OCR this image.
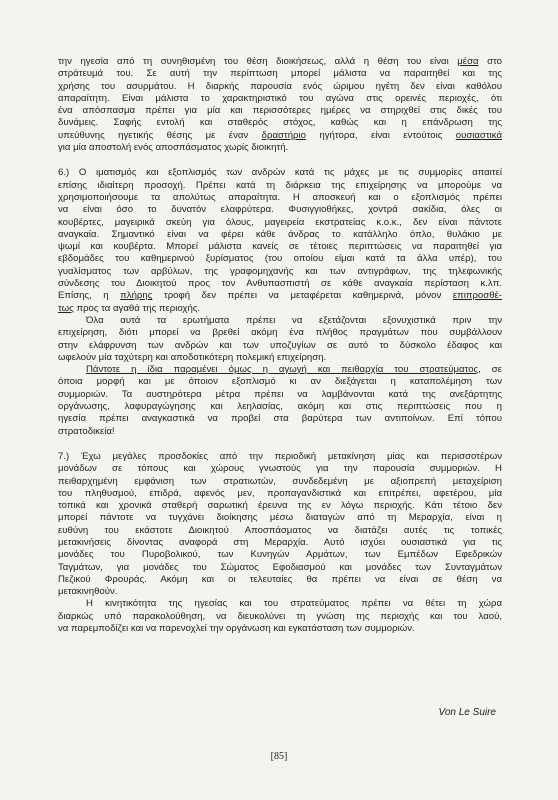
την ηγεσία από τη συνηθισμένη του θέση διοικήσεως, αλλά η θέση του είναι μέσα στο
στράτευμά του. Σε αυτή την περίπτωση μπορεί μάλιστα να παραιτηθεί και της
χρήσης του ασυρμάτου. Η διαρκής παρουσία ενός ώριμου ηγέτη δεν είναι καθόλου
απαραίτητη. Είναι μάλιστα το χαρακτηριστικό του αγώνα στις ορεινές περιοχές, ότι
ένα απόσπασμα πρέπει για μία και περισσότερες ημέρες να στηριχθεί στις δικές του
δυνάμεις. Σαφής εντολή και σταθερός στόχος, καθώς και η επάνδρωση της
υπεύθυνης ηγετικής θέσης με έναν δραστήριο ηγήτορα, είναι εντούτοις ουσιαστικά
για μία αποστολή ενός αποσπάσματος χωρίς διοικητή.
6.) Ο ιματισμός και εξοπλισμός των ανδρών κατά τις μάχες με τις συμμορίες απαιτεί
επίσης ιδιαίτερη προσοχή. Πρέπει κατά τη διάρκεια της επιχείρησης να μπορούμε να
χρησιμοποιήσουμε τα απολύτως απαραίτητα. Η αποσκευή και ο εξοπλισμός πρέπει
να είναι όσο το δυνατόν ελαφρύτερα. Φυσιγγιοθήκες, χοντρά σακίδια, όλες οι
κουβέρτες, μαγειρικά σκεύη για όλους, μαγειρεία εκστρατείας κ.ο.κ., δεν είναι πάντοτε
αναγκαία. Σημαντικό είναι να φέρει κάθε άνδρας το κατάλληλο όπλο, θυλάκιο με
ψωμί και κουβέρτα. Μπορεί μάλιστα κανείς σε τέτοιες περιπτώσεις να παραιτηθεί για
εβδομάδες του καθημερινού ξυρίσματος (του οποίου είμαι κατά τα άλλα υπέρ), του
γυαλίσματος των αρβύλων, της γραφομηχανής και των αντιγράφων, της τηλεφωνικής
σύνδεσης του Διοικητού προς τον Ανθυπασπιστή σε κάθε αναγκαία περίσταση κ.λπ.
Επίσης, η πλήρης τροφή δεν πρέπει να μεταφέρεται καθημερινά, μόνον επιπροσθέ-
τως προς τα αγαθά της περιοχής.
Όλα αυτά τα ερωτήματα πρέπει να εξετάζονται εξονυχιστικά πριν την
επιχείρηση, διότι μπορεί να βρεθεί ακόμη ένα πλήθος πραγμάτων που συμβάλλουν
στην ελάφρυνση των ανδρών και των υποζυγίων σε αυτό το δύσκολο έδαφος και
ωφελούν μία ταχύτερη και αποδοτικότερη πολεμική επιχείρηση.
Πάντοτε η ίδια παραμένει όμως η αγωγή και πειθαρχία του στρατεύματος, σε
όποια μορφή και με όποιον εξοπλισμό κι αν διεξάγεται η καταπολέμηση των
συμμοριών. Τα αυστηρότερα μέτρα πρέπει να λαμβάνονται κατά της ανεξάρτητης
οργάνωσης, λαφυραγώγησης και λεηλασίας, ακόμη και στις περιπτώσεις που η
ηγεσία πρέπει αναγκαστικά να προβεί στα βαρύτερα των αντιποίνων. Επί τόπου
στρατοδικεία!
7.) Έχω μεγάλες προσδοκίες από την περιοδική μετακίνηση μίας και περισσοτέρων
μονάδων σε τόπους και χώρους γνωστούς για την παρουσία συμμοριών. Η
πειθαρχημένη εμφάνιση των στρατιωτών, συνδεδεμένη με αξιοπρεπή μεταχείριση
του πληθυσμού, επιδρά, αφενός μεν, προπαγανδιστικά και επιτρέπει, αφετέρου, μία
τοπικά και χρονικά σταθερή σαρωτική έρευνα της εν λόγω περιοχής. Κάτι τέτοιο δεν
μπορεί πάντοτε να τυγχάνει διοίκησης μέσω διαταγών από τη Μεραρχία, είναι η
ευθύνη του εκάστοτε Διοικητού Αποσπάσματος να διατάζει αυτές τις τοπικές
μετακινήσεις δίνοντας αναφορά στη Μεραρχία. Αυτό ισχύει ουσιαστικά για τις
μονάδες του Πυροβολικού, των Κυνηγών Αρμάτων, των Εμπέδων Εφεδρικών
Ταγμάτων, για μονάδες του Σώματος Εφοδιασμού και μονάδες των Συνταγμάτων
Πεζικού Φρουράς. Ακόμη και οι τελευταίες θα πρέπει να είναι σε θέση να
μετακινηθούν.
Η κινητικότητα της ηγεσίας και του στρατεύματος πρέπει να θέτει τη χώρα
διαρκώς υπό παρακολούθηση, να διευκολύνει τη γνώση της περιοχής και του λαού,
να παρεμποδίζει και να παρενοχλεί την οργάνωση και εγκατάσταση των συμμοριών.
Von Le Suire
[85]
